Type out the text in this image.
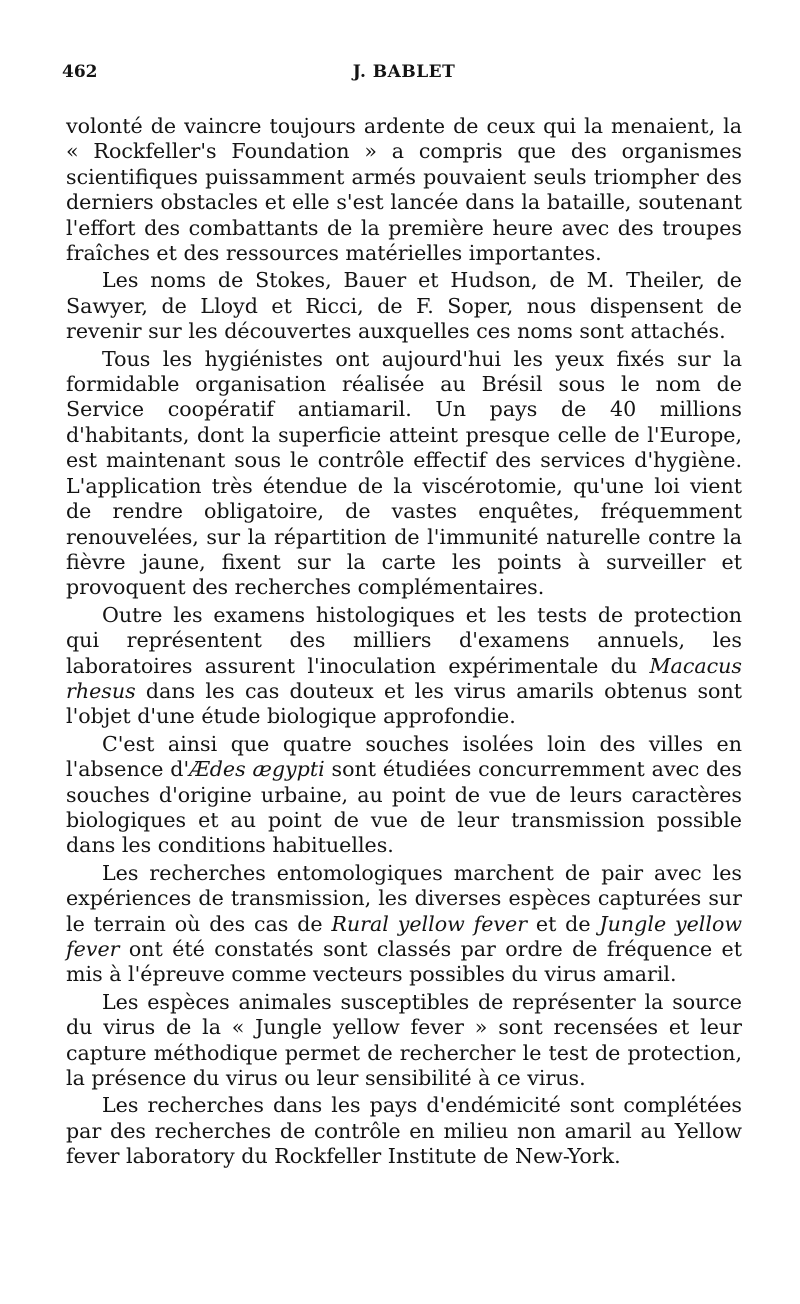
462	J. BABLET

volonté de vaincre toujours ardente de ceux qui la menaient, la « Rockfeller's Foundation » a compris que des organismes scientifiques puissamment armés pouvaient seuls triompher des derniers obstacles et elle s'est lancée dans la bataille, soutenant l'effort des combattants de la première heure avec des troupes fraîches et des ressources matérielles importantes.

Les noms de Stokes, Bauer et Hudson, de M. Theiler, de Sawyer, de Lloyd et Ricci, de F. Soper, nous dispensent de revenir sur les découvertes auxquelles ces noms sont attachés.

Tous les hygiénistes ont aujourd'hui les yeux fixés sur la formidable organisation réalisée au Brésil sous le nom de Service coopératif antiamaril. Un pays de 40 millions d'habitants, dont la superficie atteint presque celle de l'Europe, est maintenant sous le contrôle effectif des services d'hygiène. L'application très étendue de la viscérotomie, qu'une loi vient de rendre obligatoire, de vastes enquêtes, fréquemment renouvelées, sur la répartition de l'immunité naturelle contre la fièvre jaune, fixent sur la carte les points à surveiller et provoquent des recherches complémentaires.

Outre les examens histologiques et les tests de protection qui représentent des milliers d'examens annuels, les laboratoires assurent l'inoculation expérimentale du Macacus rhesus dans les cas douteux et les virus amarils obtenus sont l'objet d'une étude biologique approfondie.

C'est ainsi que quatre souches isolées loin des villes en l'absence d'Ædes ægypti sont étudiées concurremment avec des souches d'origine urbaine, au point de vue de leurs caractères biologiques et au point de vue de leur transmission possible dans les conditions habituelles.

Les recherches entomologiques marchent de pair avec les expériences de transmission, les diverses espèces capturées sur le terrain où des cas de Rural yellow fever et de Jungle yellow fever ont été constatés sont classés par ordre de fréquence et mis à l'épreuve comme vecteurs possibles du virus amaril.

Les espèces animales susceptibles de représenter la source du virus de la « Jungle yellow fever » sont recensées et leur capture méthodique permet de rechercher le test de protection, la présence du virus ou leur sensibilité à ce virus.

Les recherches dans les pays d'endémicité sont complétées par des recherches de contrôle en milieu non amaril au Yellow fever laboratory du Rockfeller Institute de New-York.
